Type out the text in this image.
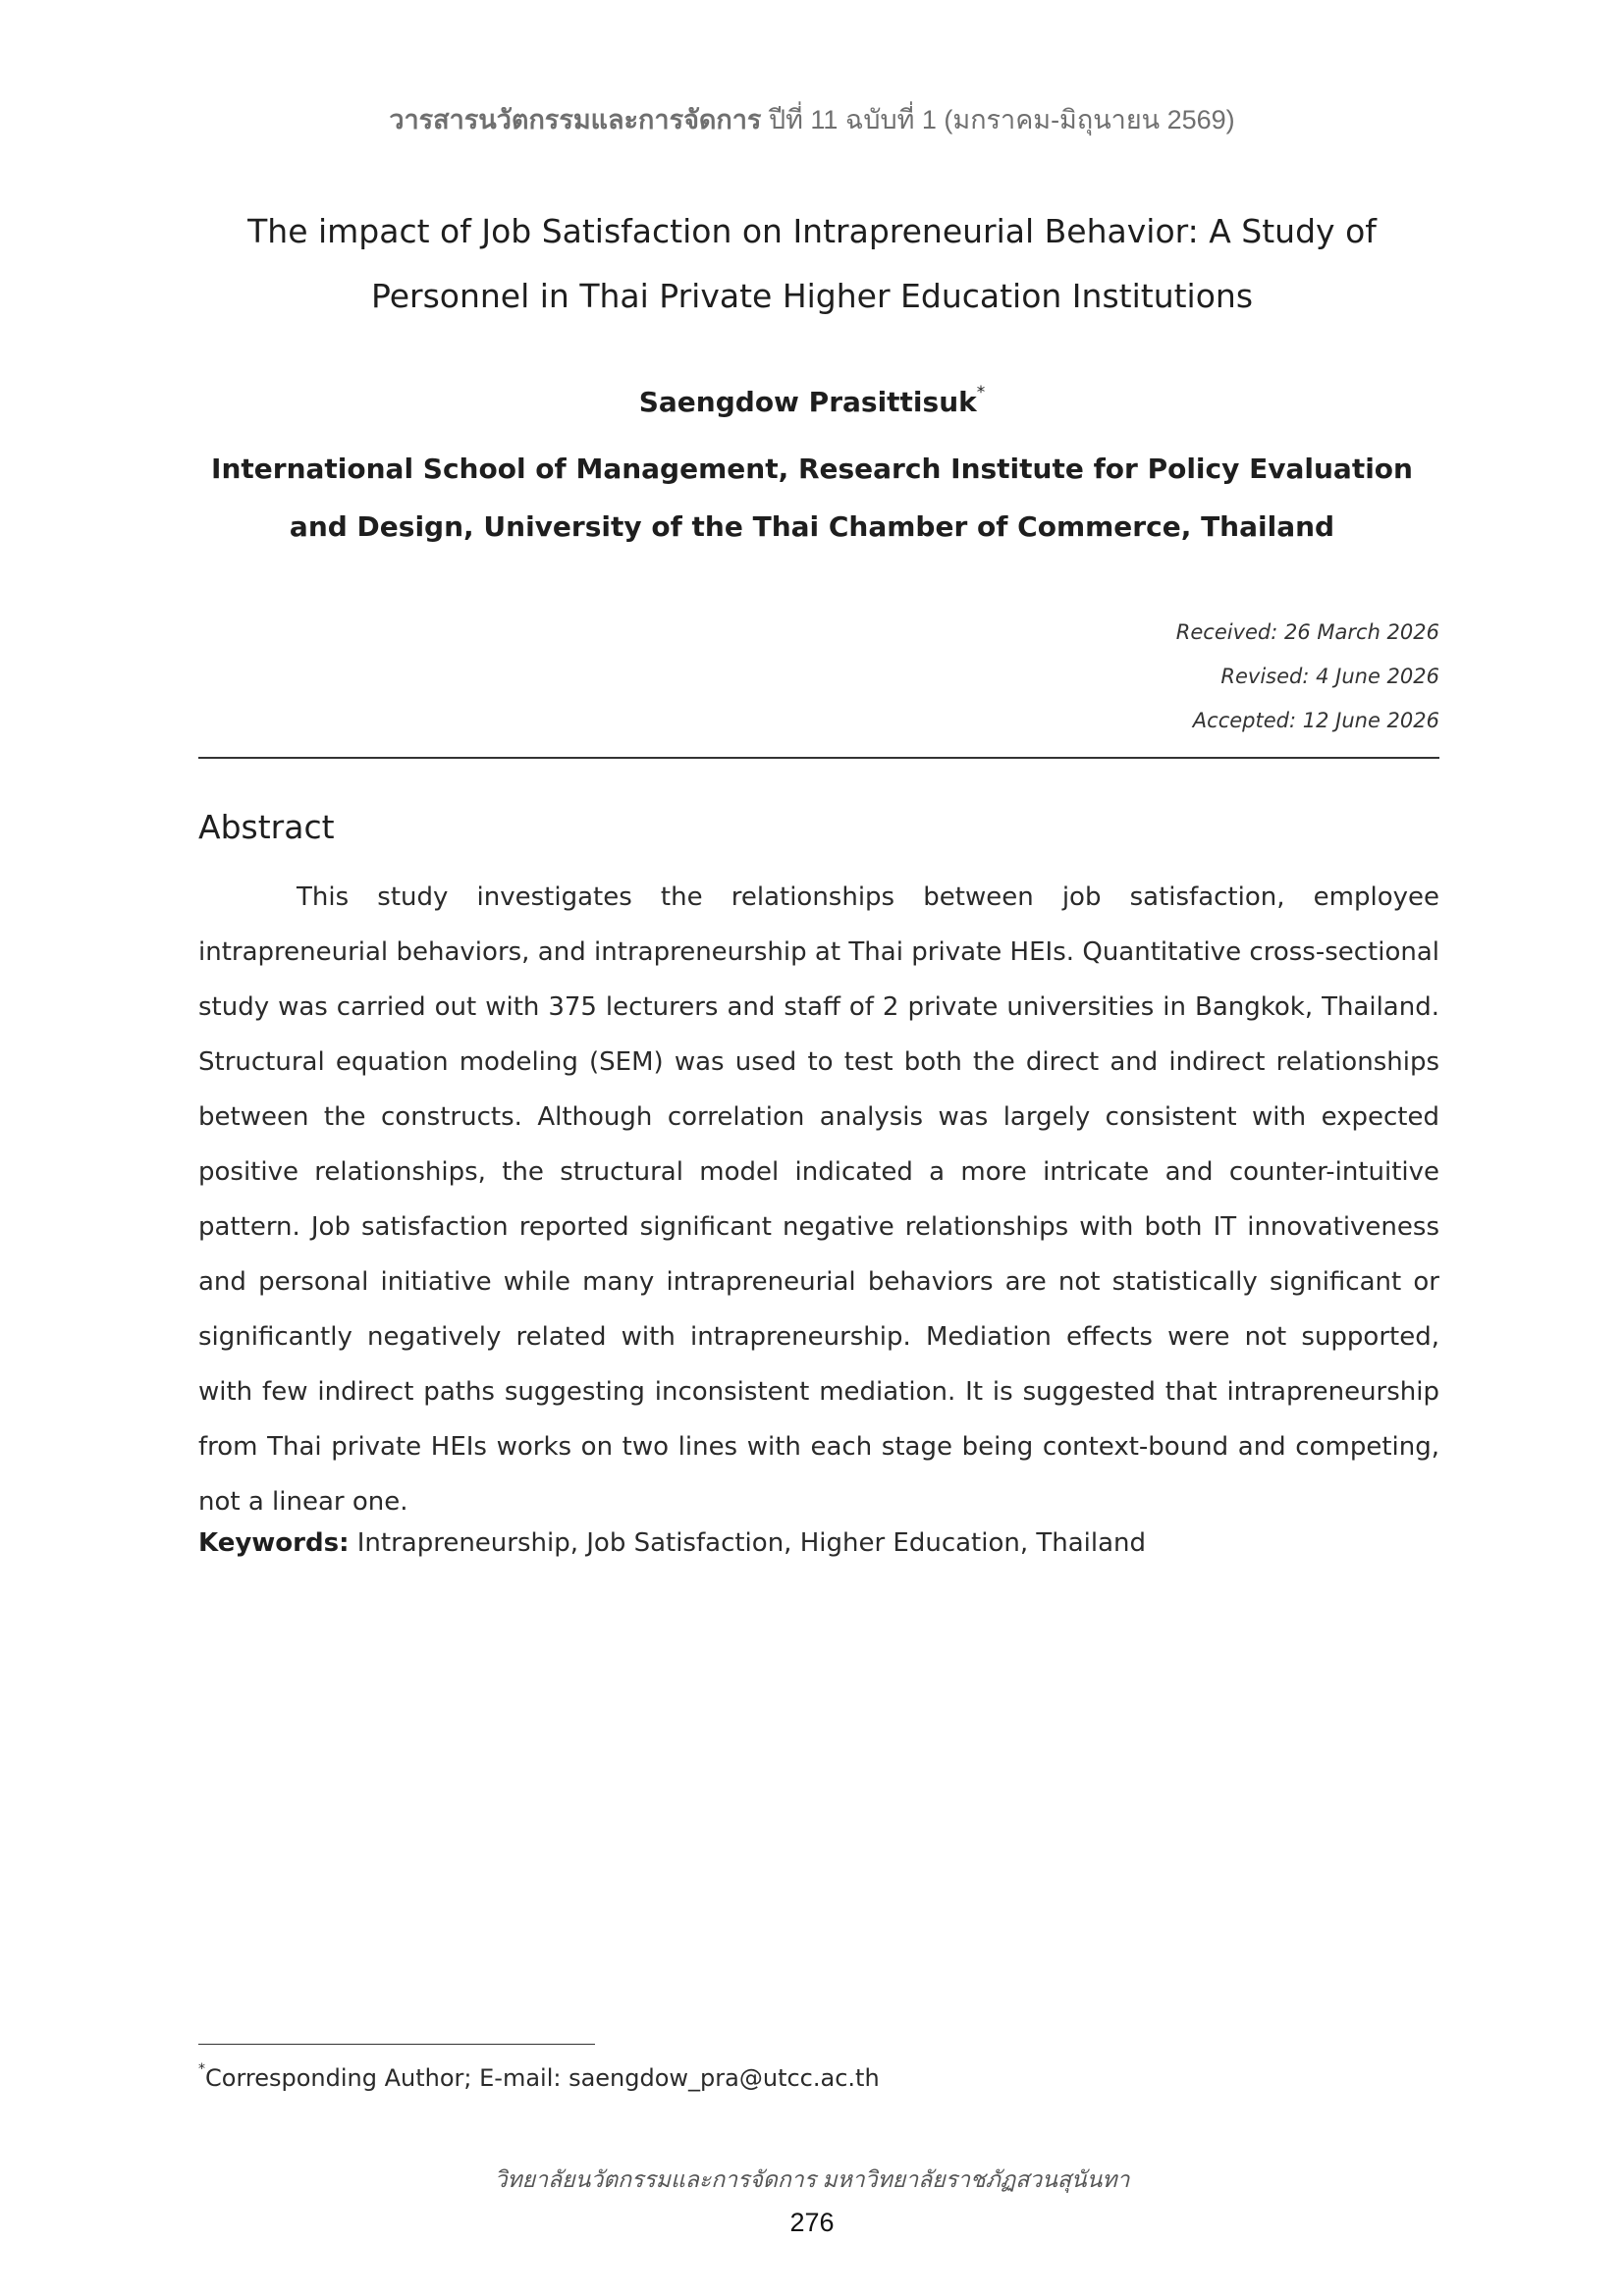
วารสารนวัตกรรมและการจัดการ ปีที่ 11 ฉบับที่ 1 (มกราคม-มิถุนายน 2569)
The impact of Job Satisfaction on Intrapreneurial Behavior: A Study of
Personnel in Thai Private Higher Education Institutions
Saengdow Prasittisuk*
International School of Management, Research Institute for Policy Evaluation
and Design, University of the Thai Chamber of Commerce, Thailand
Received: 26 March 2026
Revised: 4 June 2026
Accepted: 12 June 2026
Abstract
This study investigates the relationships between job satisfaction, employee intrapreneurial behaviors, and intrapreneurship at Thai private HEIs. Quantitative cross-sectional study was carried out with 375 lecturers and staff of 2 private universities in Bangkok, Thailand. Structural equation modeling (SEM) was used to test both the direct and indirect relationships between the constructs. Although correlation analysis was largely consistent with expected positive relationships, the structural model indicated a more intricate and counter-intuitive pattern. Job satisfaction reported significant negative relationships with both IT innovativeness and personal initiative while many intrapreneurial behaviors are not statistically significant or significantly negatively related with intrapreneurship. Mediation effects were not supported, with few indirect paths suggesting inconsistent mediation. It is suggested that intrapreneurship from Thai private HEIs works on two lines with each stage being context-bound and competing, not a linear one.
Keywords: Intrapreneurship, Job Satisfaction, Higher Education, Thailand
*Corresponding Author; E-mail: saengdow_pra@utcc.ac.th
วิทยาลัยนวัตกรรมและการจัดการ มหาวิทยาลัยราชภัฏสวนสุนันทา
276
